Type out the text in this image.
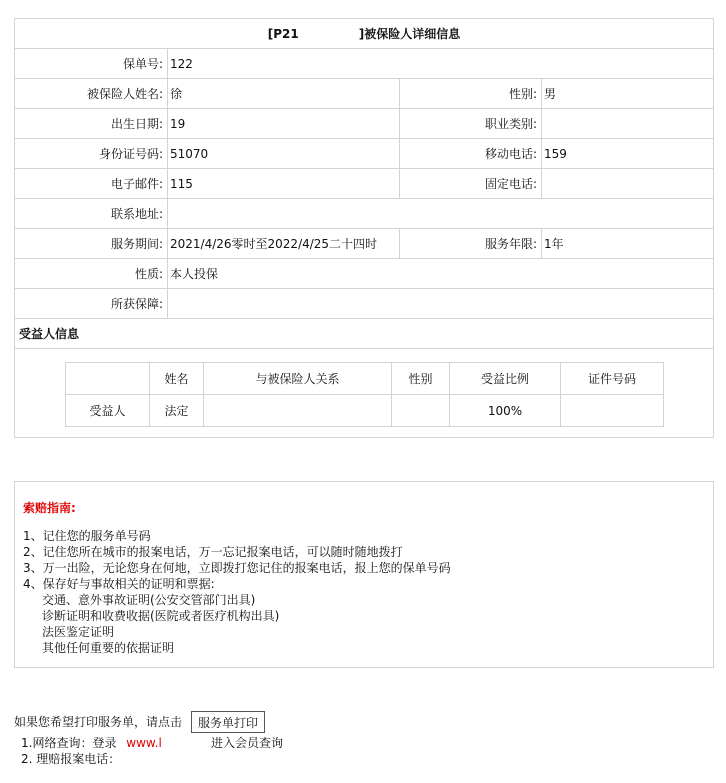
[P21 ]被保险人详细信息			
保单号:	122		
被保险人姓名:	徐	性别:	男
出生日期:	19	职业类别:	
身份证号码:	51070	移动电话:	159
电子邮件:	115	固定电话:	
联系地址:			
服务期间:	2021/4/26零时至2022/4/25二十四时	服务年限:	1年
性质:	本人投保		
所获保障:			
受益人信息			

	姓名	与被保险人关系	性别	受益比例	证件号码
受益人	法定			100%	
索赔指南:
1、记住您的服务单号码
2、记住您所在城市的报案电话，万一忘记报案电话，可以随时随地拨打
3、万一出险，无论您身在何地，立即拨打您记住的报案电话，报上您的保单号码
4、保存好与事故相关的证明和票据:
交通、意外事故证明(公安交管部门出具)
诊断证明和收费收据(医院或者医疗机构出具)
法医鉴定证明
其他任何重要的依据证明
如果您希望打印服务单，请点击	服务单打印
1.网络查询：登录 www.l	进入会员查询
2. 理赔报案电话：
